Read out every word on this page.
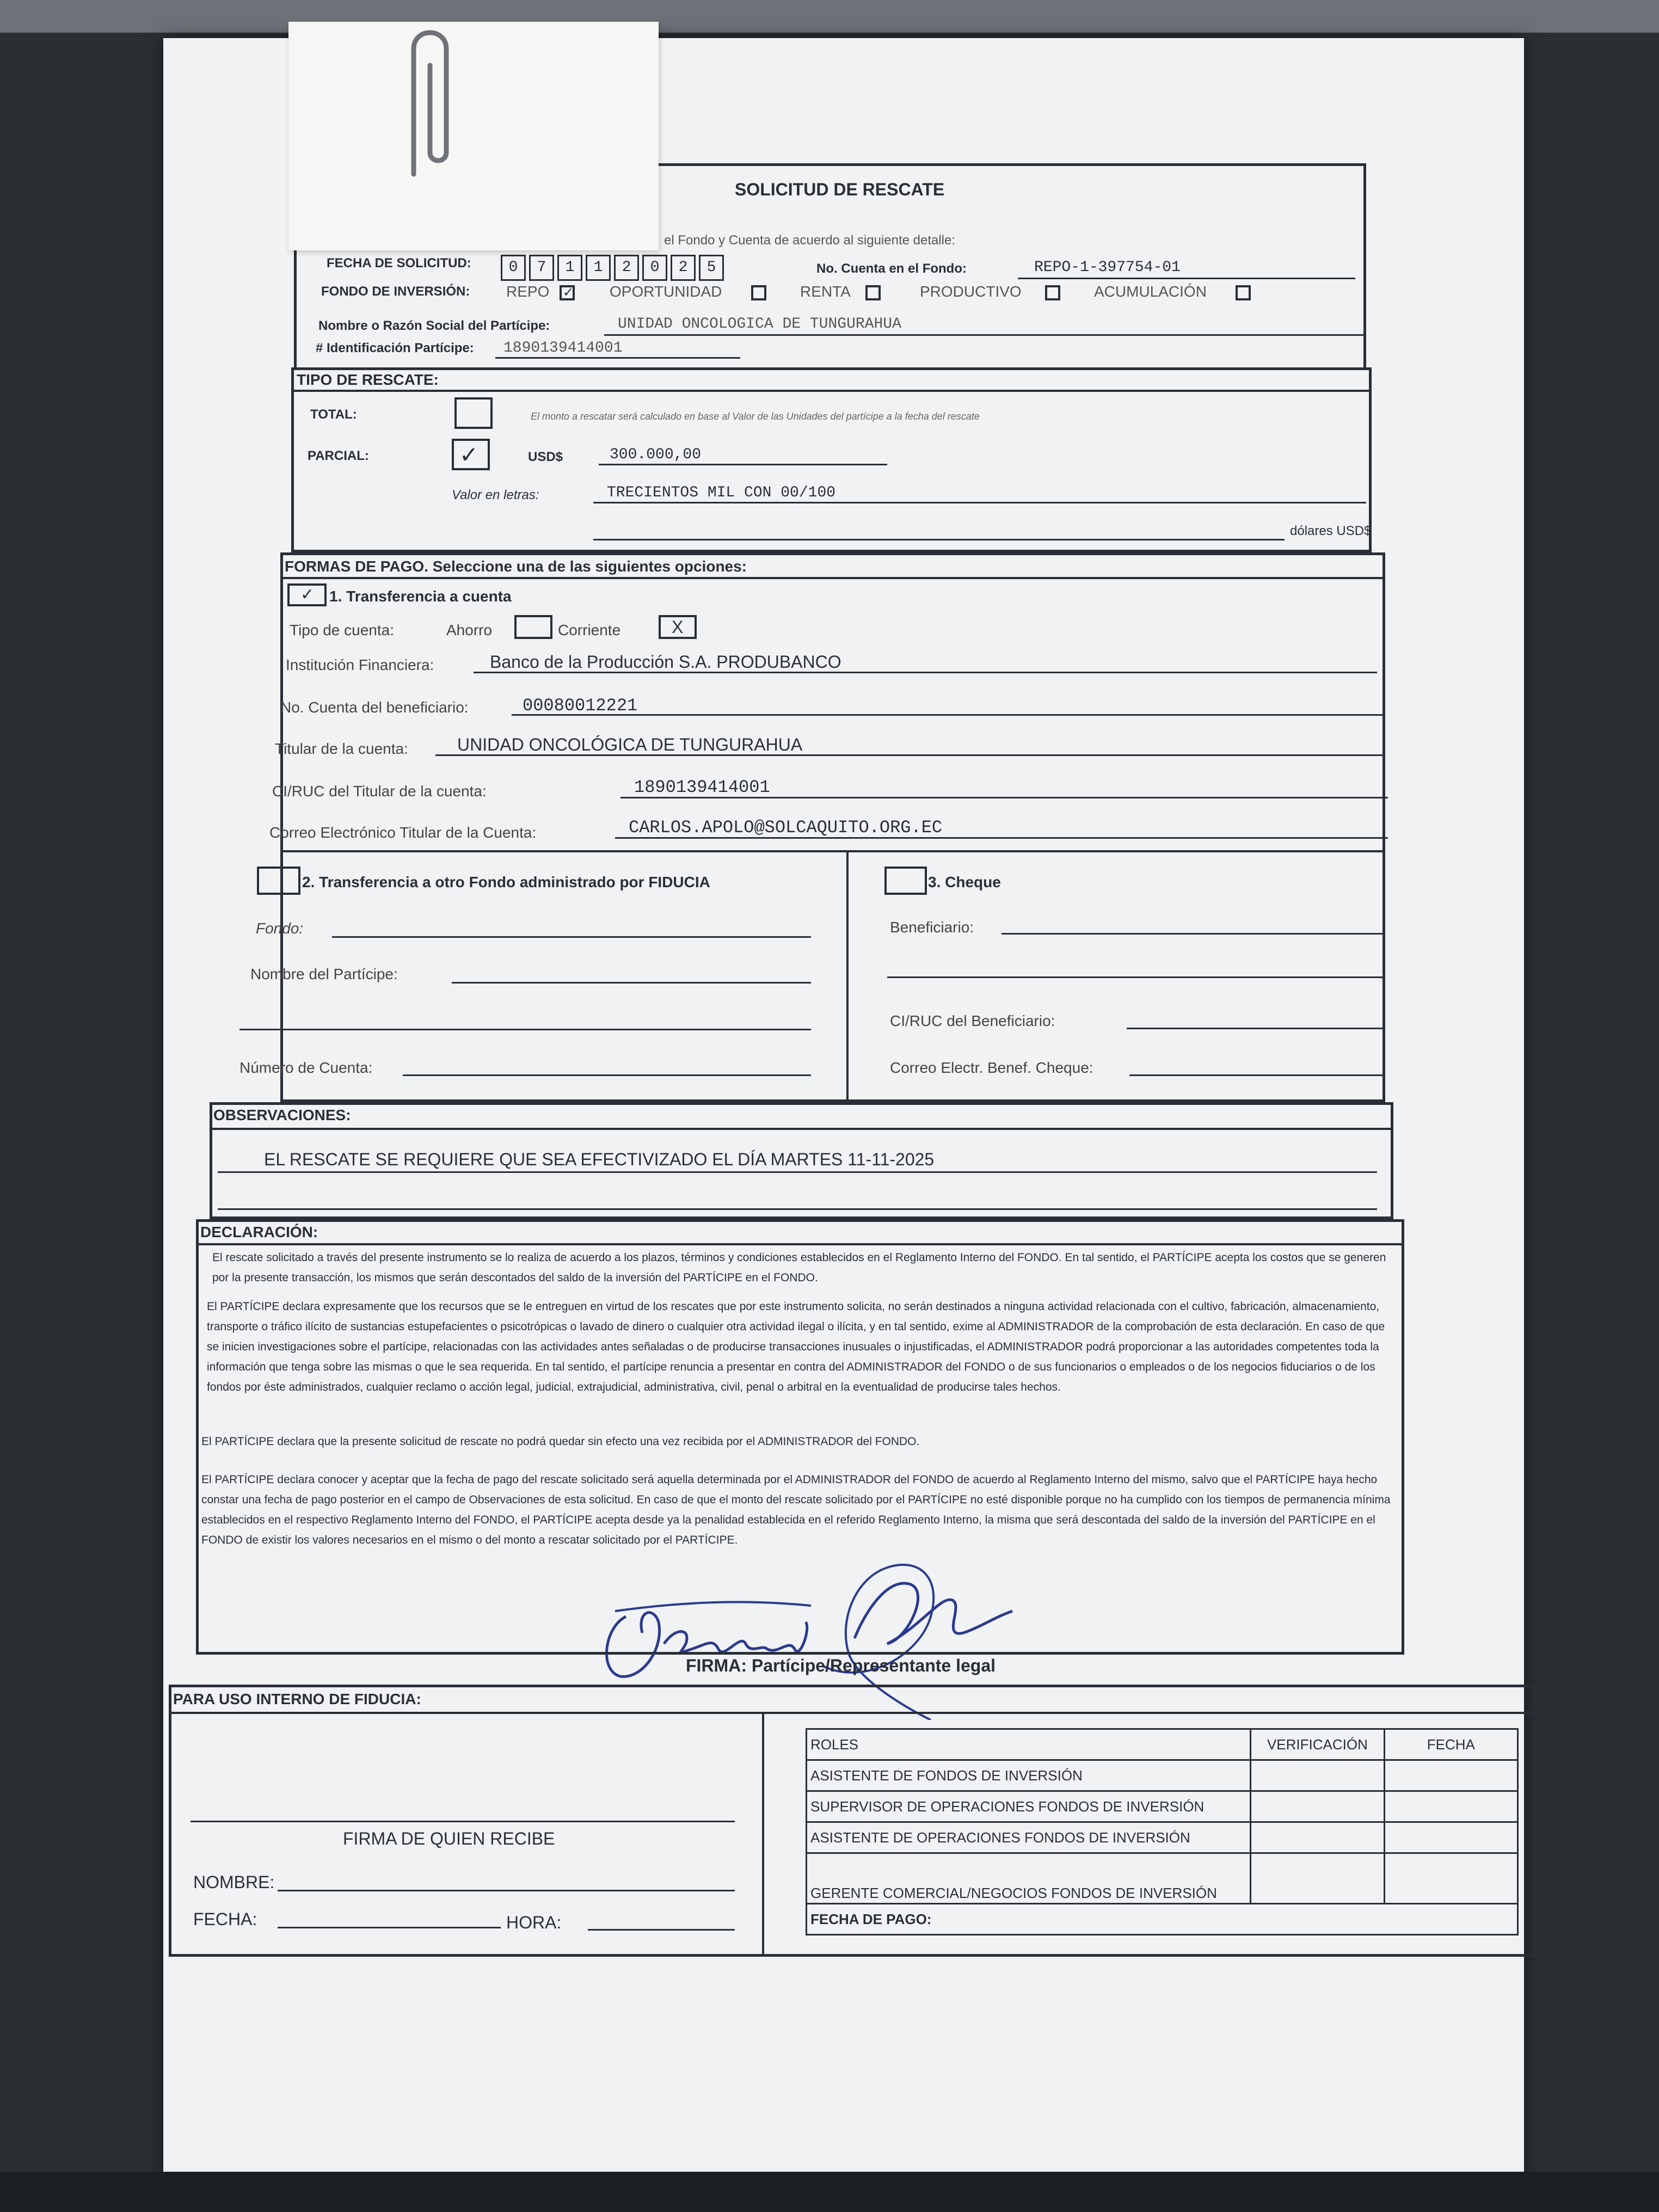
SOLICITUD DE RESCATE
el Fondo y Cuenta de acuerdo al siguiente detalle:
FECHA DE SOLICITUD:	0	7	1	1	2	0	2	5	No. Cuenta en el Fondo:	REPO-1-397754-01
FONDO DE INVERSIÓN: REPO ✓ OPORTUNIDAD	RENTA	PRODUCTIVO	ACUMULACIÓN
Nombre o Razón Social del Partícipe:	UNIDAD ONCOLOGICA DE TUNGURAHUA
# Identificación Partícipe: 1890139414001
TIPO DE RESCATE:
TOTAL:	El monto a rescatar será calculado en base al Valor de las Unidades del partícipe a la fecha del rescate
PARCIAL:	✓	USD$	300.000,00
Valor en letras:	TRECIENTOS MIL CON 00/100
dólares USD$
FORMAS DE PAGO. Seleccione una de las siguientes opciones:
✓ 1. Transferencia a cuenta
Tipo de cuenta:	Ahorro	Corriente	X
Institución Financiera:	Banco de la Producción S.A. PRODUBANCO
No. Cuenta del beneficiario:	00080012221
Titular de la cuenta:	UNIDAD ONCOLÓGICA DE TUNGURAHUA
CI/RUC del Titular de la cuenta:	1890139414001
Correo Electrónico Titular de la Cuenta:	CARLOS.APOLO@SOLCAQUITO.ORG.EC
2. Transferencia a otro Fondo administrado por FIDUCIA
Fondo:
Nombre del Partícipe:
Número de Cuenta:
3. Cheque
Beneficiario:
CI/RUC del Beneficiario:
Correo Electr. Benef. Cheque:
OBSERVACIONES:
EL RESCATE SE REQUIERE QUE SEA EFECTIVIZADO EL DÍA MARTES 11-11-2025
DECLARACIÓN:
El rescate solicitado a través del presente instrumento se lo realiza de acuerdo a los plazos, términos y condiciones establecidos en el Reglamento Interno del FONDO. En tal sentido, el PARTÍCIPE acepta los costos que se generen por la presente transacción, los mismos que serán descontados del saldo de la inversión del PARTÍCIPE en el FONDO.
El PARTÍCIPE declara expresamente que los recursos que se le entreguen en virtud de los rescates que por este instrumento solicita, no serán destinados a ninguna actividad relacionada con el cultivo, fabricación, almacenamiento, transporte o tráfico ilícito de sustancias estupefacientes o psicotrópicas o lavado de dinero o cualquier otra actividad ilegal o ilícita, y en tal sentido, exime al ADMINISTRADOR de la comprobación de esta declaración. En caso de que se inicien investigaciones sobre el partícipe, relacionadas con las actividades antes señaladas o de producirse transacciones inusuales o injustificadas, el ADMINISTRADOR podrá proporcionar a las autoridades competentes toda la información que tenga sobre las mismas o que le sea requerida. En tal sentido, el partícipe renuncia a presentar en contra del ADMINISTRADOR del FONDO o de sus funcionarios o empleados o de los negocios fiduciarios o de los fondos por éste administrados, cualquier reclamo o acción legal, judicial, extrajudicial, administrativa, civil, penal o arbitral en la eventualidad de producirse tales hechos.
El PARTÍCIPE declara que la presente solicitud de rescate no podrá quedar sin efecto una vez recibida por el ADMINISTRADOR del FONDO.
El PARTÍCIPE declara conocer y aceptar que la fecha de pago del rescate solicitado será aquella determinada por el ADMINISTRADOR del FONDO de acuerdo al Reglamento Interno del mismo, salvo que el PARTÍCIPE haya hecho constar una fecha de pago posterior en el campo de Observaciones de esta solicitud. En caso de que el monto del rescate solicitado por el PARTÍCIPE no esté disponible porque no ha cumplido con los tiempos de permanencia mínima establecidos en el respectivo Reglamento Interno del FONDO, el PARTÍCIPE acepta desde ya la penalidad establecida en el referido Reglamento Interno, la misma que será descontada del saldo de la inversión del PARTÍCIPE en el FONDO de existir los valores necesarios en el mismo o del monto a rescatar solicitado por el PARTÍCIPE.
FIRMA: Partícipe/Representante legal
PARA USO INTERNO DE FIDUCIA:
FIRMA DE QUIEN RECIBE
NOMBRE:
FECHA:	HORA:
ROLES	VERIFICACIÓN	FECHA
ASISTENTE DE FONDOS DE INVERSIÓN		
SUPERVISOR DE OPERACIONES FONDOS DE INVERSIÓN		
ASISTENTE DE OPERACIONES FONDOS DE INVERSIÓN		
GERENTE COMERCIAL/NEGOCIOS FONDOS DE INVERSIÓN		
FECHA DE PAGO:		
